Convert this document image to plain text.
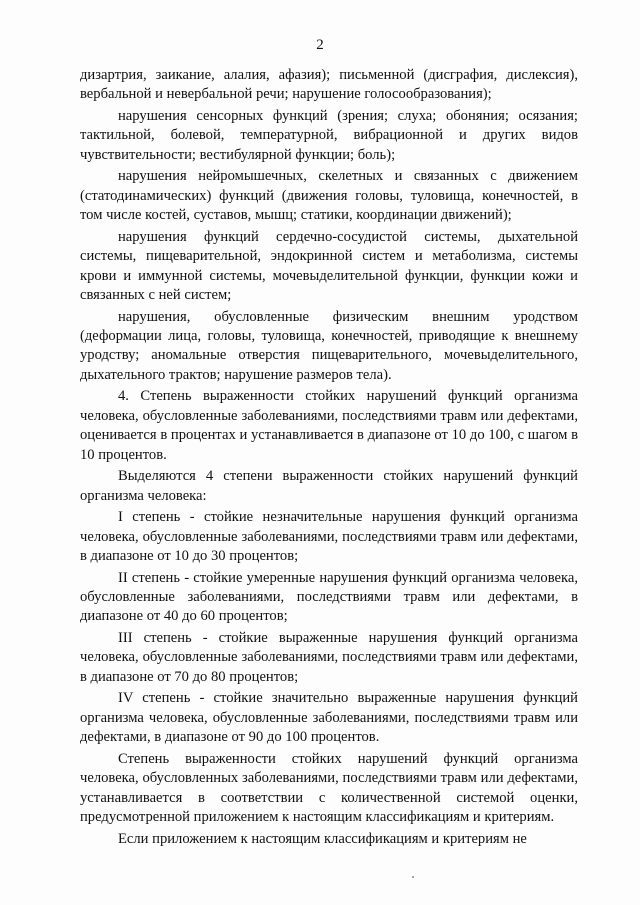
2

дизартрия, заикание, алалия, афазия); письменной (дисграфия, дислексия), вербальной и невербальной речи; нарушение голосообразования);

нарушения сенсорных функций (зрения; слуха; обоняния; осязания; тактильной, болевой, температурной, вибрационной и других видов чувствительности; вестибулярной функции; боль);

нарушения нейромышечных, скелетных и связанных с движением (статодинамических) функций (движения головы, туловища, конечностей, в том числе костей, суставов, мышц; статики, координации движений);

нарушения функций сердечно-сосудистой системы, дыхательной системы, пищеварительной, эндокринной систем и метаболизма, системы крови и иммунной системы, мочевыделительной функции, функции кожи и связанных с ней систем;

нарушения, обусловленные физическим внешним уродством (деформации лица, головы, туловища, конечностей, приводящие к внешнему уродству; аномальные отверстия пищеварительного, мочевыделительного, дыхательного трактов; нарушение размеров тела).

4. Степень выраженности стойких нарушений функций организма человека, обусловленные заболеваниями, последствиями травм или дефектами, оценивается в процентах и устанавливается в диапазоне от 10 до 100, с шагом в 10 процентов.

Выделяются 4 степени выраженности стойких нарушений функций организма человека:

I степень - стойкие незначительные нарушения функций организма человека, обусловленные заболеваниями, последствиями травм или дефектами, в диапазоне от 10 до 30 процентов;

II степень - стойкие умеренные нарушения функций организма человека, обусловленные заболеваниями, последствиями травм или дефектами, в диапазоне от 40 до 60 процентов;

III степень - стойкие выраженные нарушения функций организма человека, обусловленные заболеваниями, последствиями травм или дефектами, в диапазоне от 70 до 80 процентов;

IV степень - стойкие значительно выраженные нарушения функций организма человека, обусловленные заболеваниями, последствиями травм или дефектами, в диапазоне от 90 до 100 процентов.

Степень выраженности стойких нарушений функций организма человека, обусловленных заболеваниями, последствиями травм или дефектами, устанавливается в соответствии с количественной системой оценки, предусмотренной приложением к настоящим классификациям и критериям.

Если приложением к настоящим классификациям и критериям не
